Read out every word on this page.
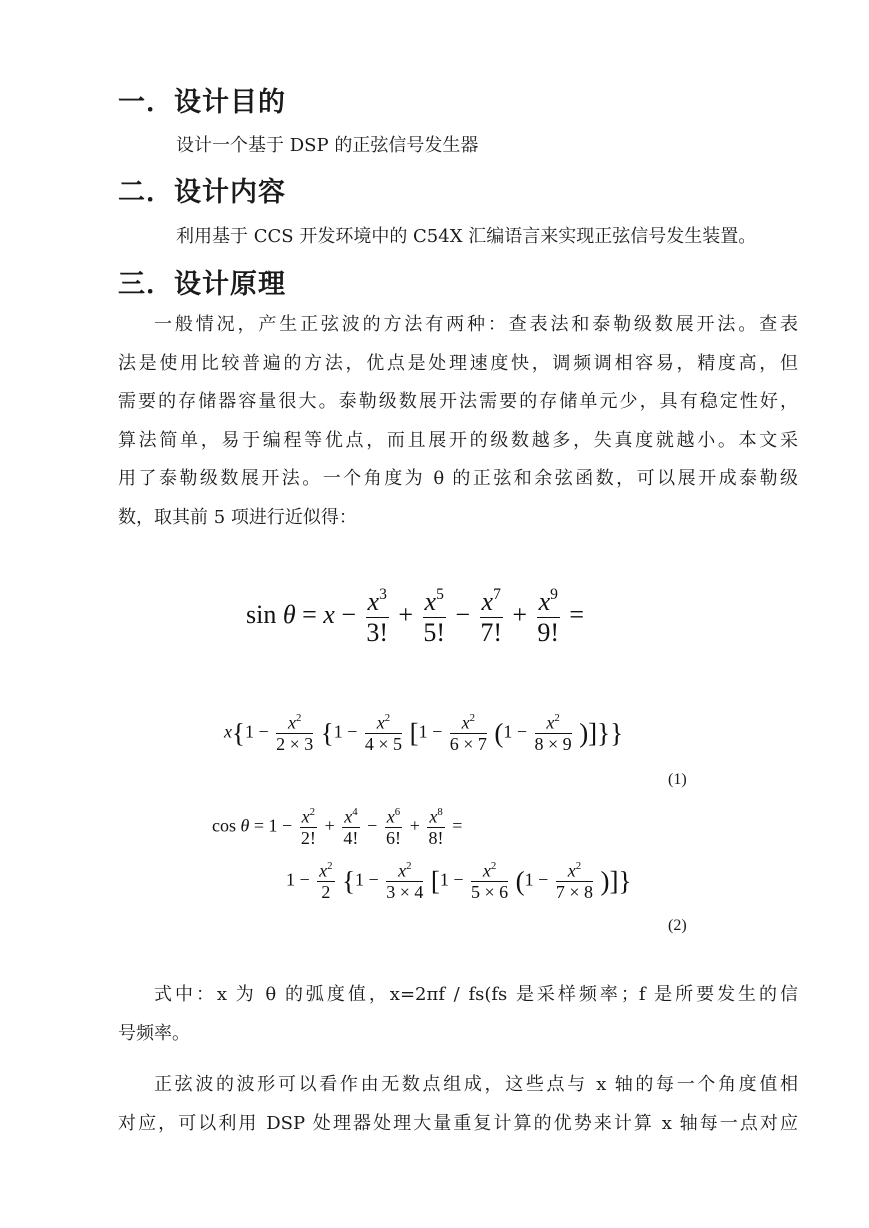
一．设计目的
设计一个基于 DSP 的正弦信号发生器
二．设计内容
利用基于 CCS 开发环境中的 C54X 汇编语言来实现正弦信号发生装置。
三．设计原理
一般情况，产生正弦波的方法有两种：查表法和泰勒级数展开法。查表
法是使用比较普遍的方法，优点是处理速度快，调频调相容易，精度高，但
需要的存储器容量很大。泰勒级数展开法需要的存储单元少，具有稳定性好，
算法简单，易于编程等优点，而且展开的级数越多，失真度就越小。本文采
用了泰勒级数展开法。一个角度为 θ 的正弦和余弦函数，可以展开成泰勒级
数，取其前 5 项进行近似得：
$\sin \theta = x - \frac{x^3}{3!} + \frac{x^5}{5!} - \frac{x^7}{7!} + \frac{x^9}{9!}$ =
$x\{1 - \frac{x^2}{2 \times 3} \{1 - \frac{x^2}{4 \times 5} [1 - \frac{x^2}{6 \times 7} (1 - \frac{x^2}{8 \times 9}$ )]}}
(1)
$\cos \theta = 1 - \frac{x^2}{2!} + \frac{x^4}{4!} - \frac{x^6}{6!} + \frac{x^8}{8!}$ =
$1 - \frac{x^2}{2} \{1 - \frac{x^2}{3 \times 4} [1 - \frac{x^2}{5 \times 6} (1 - \frac{x^2}{7 \times 8}$ )]}
(2)
式中：x 为 θ 的弧度值，x=2πf / fs(fs 是采样频率；f 是所要发生的信
号频率。
正弦波的波形可以看作由无数点组成，这些点与 x 轴的每一个角度值相
对应，可以利用 DSP 处理器处理大量重复计算的优势来计算 x 轴每一点对应
